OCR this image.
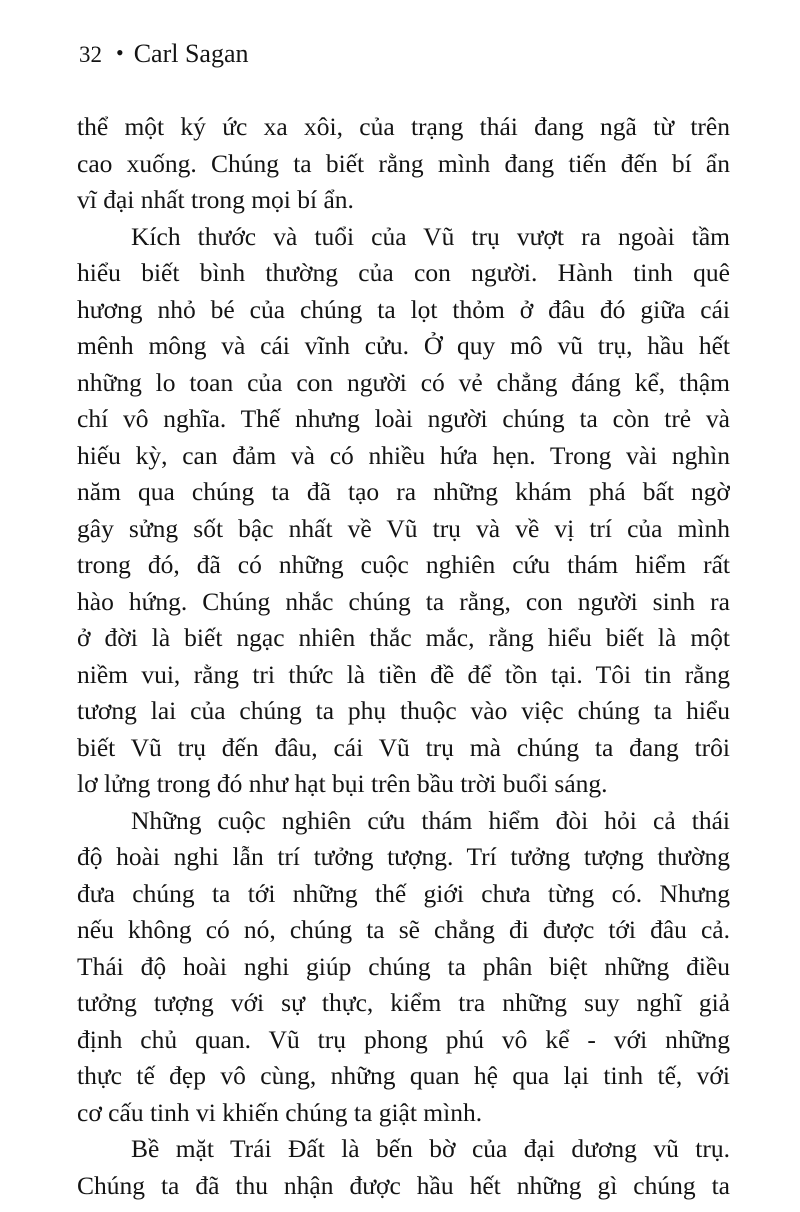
32 • Carl Sagan
thể một ký ức xa xôi, của trạng thái đang ngã từ trên
cao xuống. Chúng ta biết rằng mình đang tiến đến bí ẩn
vĩ đại nhất trong mọi bí ẩn.
Kích thước và tuổi của Vũ trụ vượt ra ngoài tầm
hiểu biết bình thường của con người. Hành tinh quê
hương nhỏ bé của chúng ta lọt thỏm ở đâu đó giữa cái
mênh mông và cái vĩnh cửu. Ở quy mô vũ trụ, hầu hết
những lo toan của con người có vẻ chẳng đáng kể, thậm
chí vô nghĩa. Thế nhưng loài người chúng ta còn trẻ và
hiếu kỳ, can đảm và có nhiều hứa hẹn. Trong vài nghìn
năm qua chúng ta đã tạo ra những khám phá bất ngờ
gây sửng sốt bậc nhất về Vũ trụ và về vị trí của mình
trong đó, đã có những cuộc nghiên cứu thám hiểm rất
hào hứng. Chúng nhắc chúng ta rằng, con người sinh ra
ở đời là biết ngạc nhiên thắc mắc, rằng hiểu biết là một
niềm vui, rằng tri thức là tiền đề để tồn tại. Tôi tin rằng
tương lai của chúng ta phụ thuộc vào việc chúng ta hiểu
biết Vũ trụ đến đâu, cái Vũ trụ mà chúng ta đang trôi
lơ lửng trong đó như hạt bụi trên bầu trời buổi sáng.
Những cuộc nghiên cứu thám hiểm đòi hỏi cả thái
độ hoài nghi lẫn trí tưởng tượng. Trí tưởng tượng thường
đưa chúng ta tới những thế giới chưa từng có. Nhưng
nếu không có nó, chúng ta sẽ chẳng đi được tới đâu cả.
Thái độ hoài nghi giúp chúng ta phân biệt những điều
tưởng tượng với sự thực, kiểm tra những suy nghĩ giả
định chủ quan. Vũ trụ phong phú vô kể - với những
thực tế đẹp vô cùng, những quan hệ qua lại tinh tế, với
cơ cấu tinh vi khiến chúng ta giật mình.
Bề mặt Trái Đất là bến bờ của đại dương vũ trụ.
Chúng ta đã thu nhận được hầu hết những gì chúng ta
